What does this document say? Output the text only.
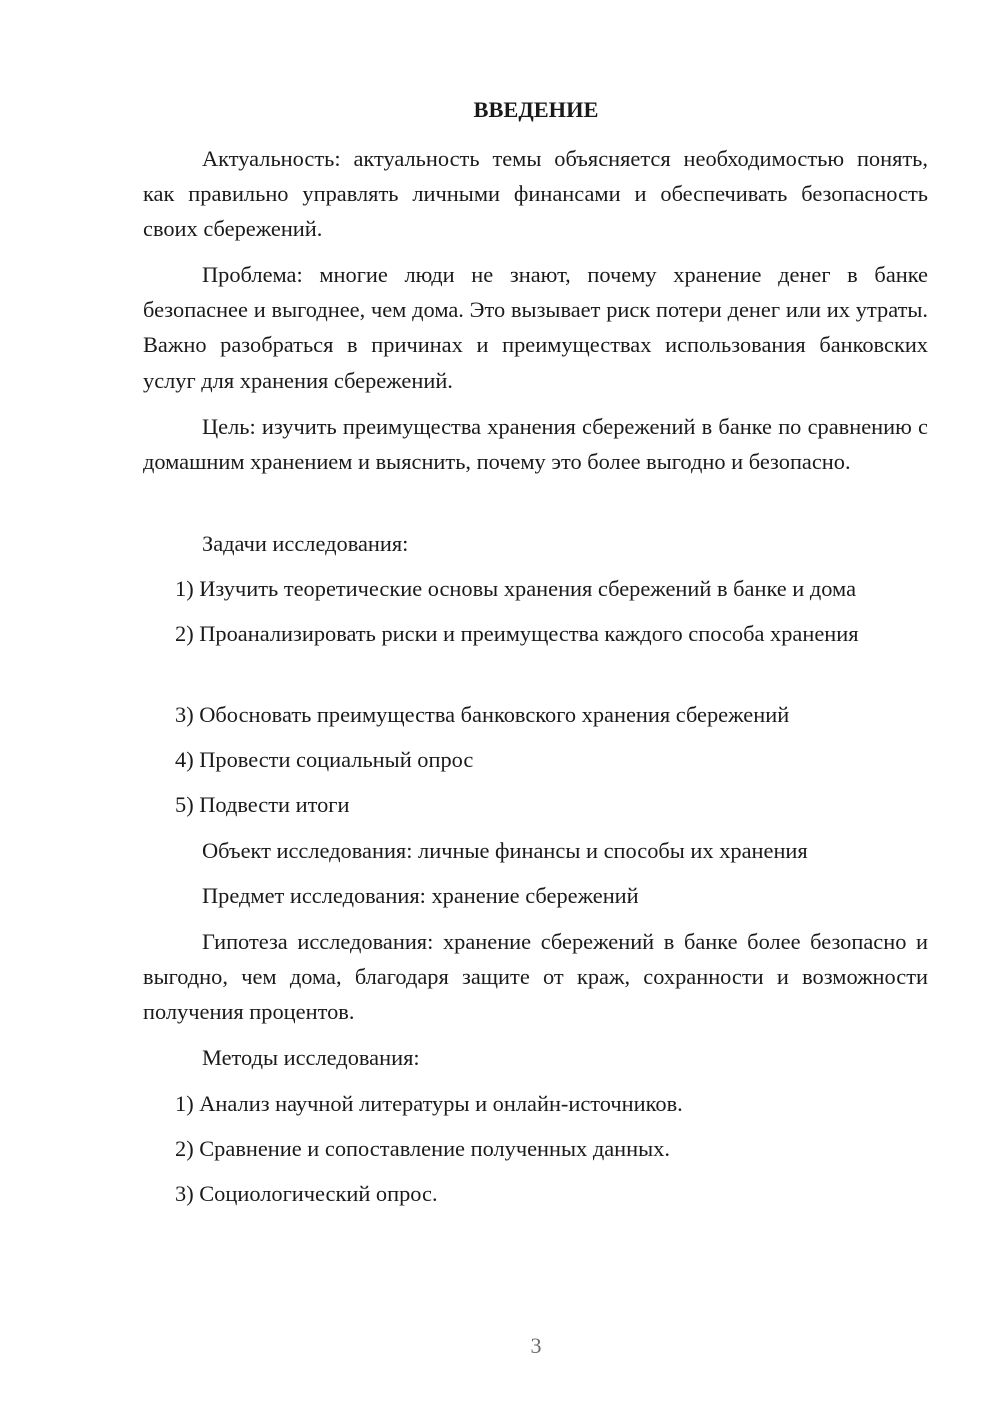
ВВЕДЕНИЕ

Актуальность: актуальность темы объясняется необходимостью понять, как правильно управлять личными финансами и обеспечивать безопасность своих сбережений.

Проблема: многие люди не знают, почему хранение денег в банке безопаснее и выгоднее, чем дома. Это вызывает риск потери денег или их утраты. Важно разобраться в причинах и преимуществах использования банковских услуг для хранения сбережений.

Цель: изучить преимущества хранения сбережений в банке по сравнению с домашним хранением и выяснить, почему это более выгодно и безопасно.

Задачи исследования:

1) Изучить теоретические основы хранения сбережений в банке и дома

2) Проанализировать риски и преимущества каждого способа хранения

3) Обосновать преимущества банковского хранения сбережений

4) Провести социальный опрос

5) Подвести итоги

Объект исследования: личные финансы и способы их хранения

Предмет исследования: хранение сбережений

Гипотеза исследования: хранение сбережений в банке более безопасно и выгодно, чем дома, благодаря защите от краж, сохранности и возможности получения процентов.

Методы исследования:

1) Анализ научной литературы и онлайн-источников.

2) Сравнение и сопоставление полученных данных.

3) Социологический опрос.

3
